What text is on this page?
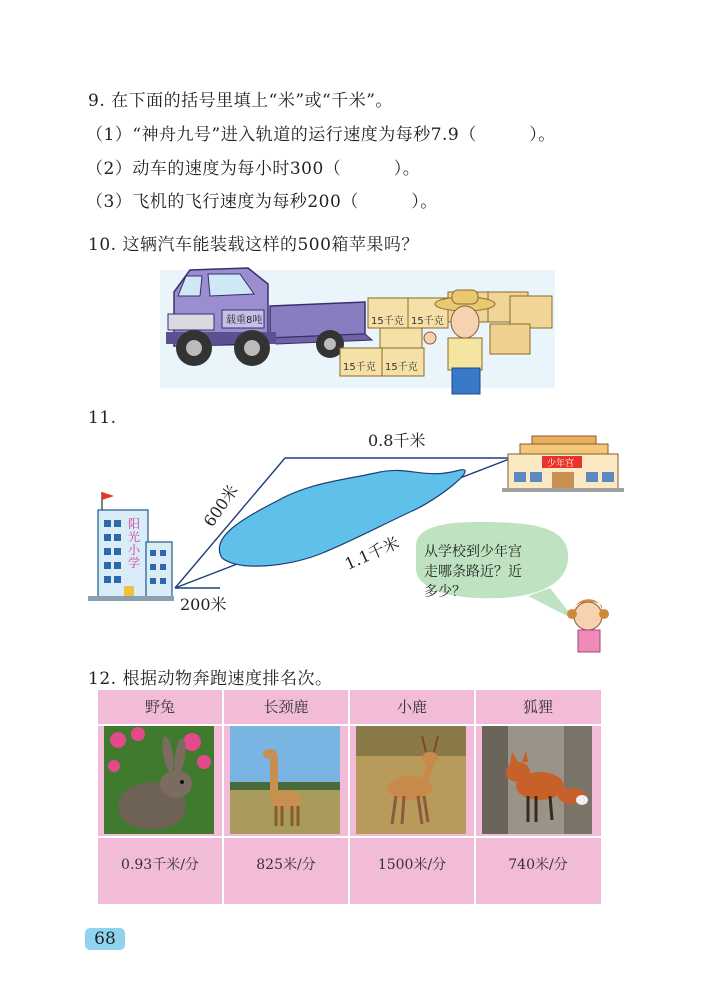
9. 在下面的括号里填上“米”或“千米”。
（1）“神舟九号”进入轨道的运行速度为每秒7.9（　　　）。
（2）动车的速度为每小时300（　　　）。
（3）飞机的飞行速度为每秒200（　　　）。
10. 这辆汽车能装载这样的500箱苹果吗？
载重8吨	15千克 15千克
15千克 15千克
11.
0.8千米
600米
1.1千米
200米
阳
光
小
学
少年宫
从学校到少年宫
走哪条路近？近
多少？
12. 根据动物奔跑速度排名次。
野兔
0.93千米/分
长颈鹿
825米/分
小鹿
1500米/分
狐狸
740米/分
68
